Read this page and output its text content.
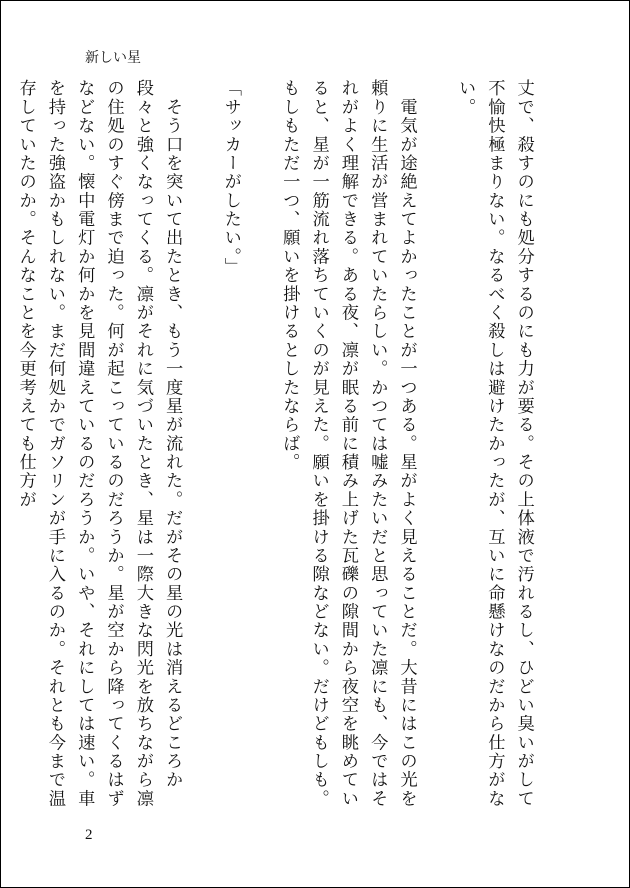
新しい星

丈で、殺すのにも処分するのにも力が要る。その上体液で汚れるし、ひどい臭いがして不愉快極まりない。なるべく殺しは避けたかったが、互いに命懸けなのだから仕方がない。

　電気が途絶えてよかったことが一つある。星がよく見えることだ。大昔にはこの光を頼りに生活が営まれていたらしい。かつては嘘みたいだと思っていた凛にも、今ではそれがよく理解できる。ある夜、凛が眠る前に積み上げた瓦礫の隙間から夜空を眺めていると、星が一筋流れ落ちていくのが見えた。願いを掛ける隙などない。だけどもしも。もしもただ一つ、願いを掛けるとしたならば。

「サッカーがしたい。」

　そう口を突いて出たとき、もう一度星が流れた。だがその星の光は消えるどころか段々と強くなってくる。凛がそれに気づいたとき、星は一際大きな閃光を放ちながら凛の住処のすぐ傍まで迫った。何が起こっているのだろうか。星が空から降ってくるはずなどない。懐中電灯か何かを見間違えているのだろうか。いや、それにしては速い。車を持った強盗かもしれない。まだ何処かでガソリンが手に入るのか。それとも今まで温存していたのか。そんなことを今更考えても仕方が

2
